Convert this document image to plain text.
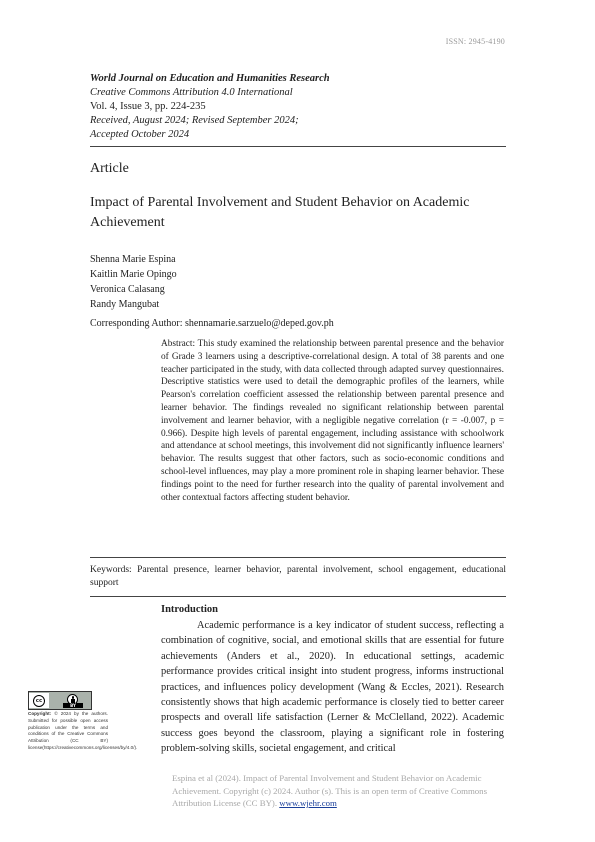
ISSN: 2945-4190
World Journal on Education and Humanities Research
Creative Commons Attribution 4.0 International
Vol. 4, Issue 3, pp. 224-235
Received, August 2024; Revised September 2024;
Accepted October 2024
Article
Impact of Parental Involvement and Student Behavior on Academic Achievement
Shenna Marie Espina
Kaitlin Marie Opingo
Veronica Calasang
Randy Mangubat
Corresponding Author: shennamarie.sarzuelo@deped.gov.ph
Abstract: This study examined the relationship between parental presence and the behavior of Grade 3 learners using a descriptive-correlational design. A total of 38 parents and one teacher participated in the study, with data collected through adapted survey questionnaires. Descriptive statistics were used to detail the demographic profiles of the learners, while Pearson's correlation coefficient assessed the relationship between parental presence and learner behavior. The findings revealed no significant relationship between parental involvement and learner behavior, with a negligible negative correlation (r = -0.007, p = 0.966). Despite high levels of parental engagement, including assistance with schoolwork and attendance at school meetings, this involvement did not significantly influence learners' behavior. The results suggest that other factors, such as socio-economic conditions and school-level influences, may play a more prominent role in shaping learner behavior. These findings point to the need for further research into the quality of parental involvement and other contextual factors affecting student behavior.
Keywords: Parental presence, learner behavior, parental involvement, school engagement, educational support
Introduction
Academic performance is a key indicator of student success, reflecting a combination of cognitive, social, and emotional skills that are essential for future achievements (Anders et al., 2020). In educational settings, academic performance provides critical insight into student progress, informs instructional practices, and influences policy development (Wang & Eccles, 2021). Research consistently shows that high academic performance is closely tied to better career prospects and overall life satisfaction (Lerner & McClelland, 2022). Academic success goes beyond the classroom, playing a significant role in fostering problem-solving skills, societal engagement, and critical
cc
BY
Copyright: © 2024 by the authors. Submitted for possible open access publication under the terms and conditions of the Creative Commons Attribution (CC BY) license(https://creativecommons.org/licenses/by/4.0/).
Espina et al (2024). Impact of Parental Involvement and Student Behavior on Academic Achievement. Copyright (c) 2024. Author (s). This is an open term of Creative Commons Attribution License (CC BY). www.wjehr.com
